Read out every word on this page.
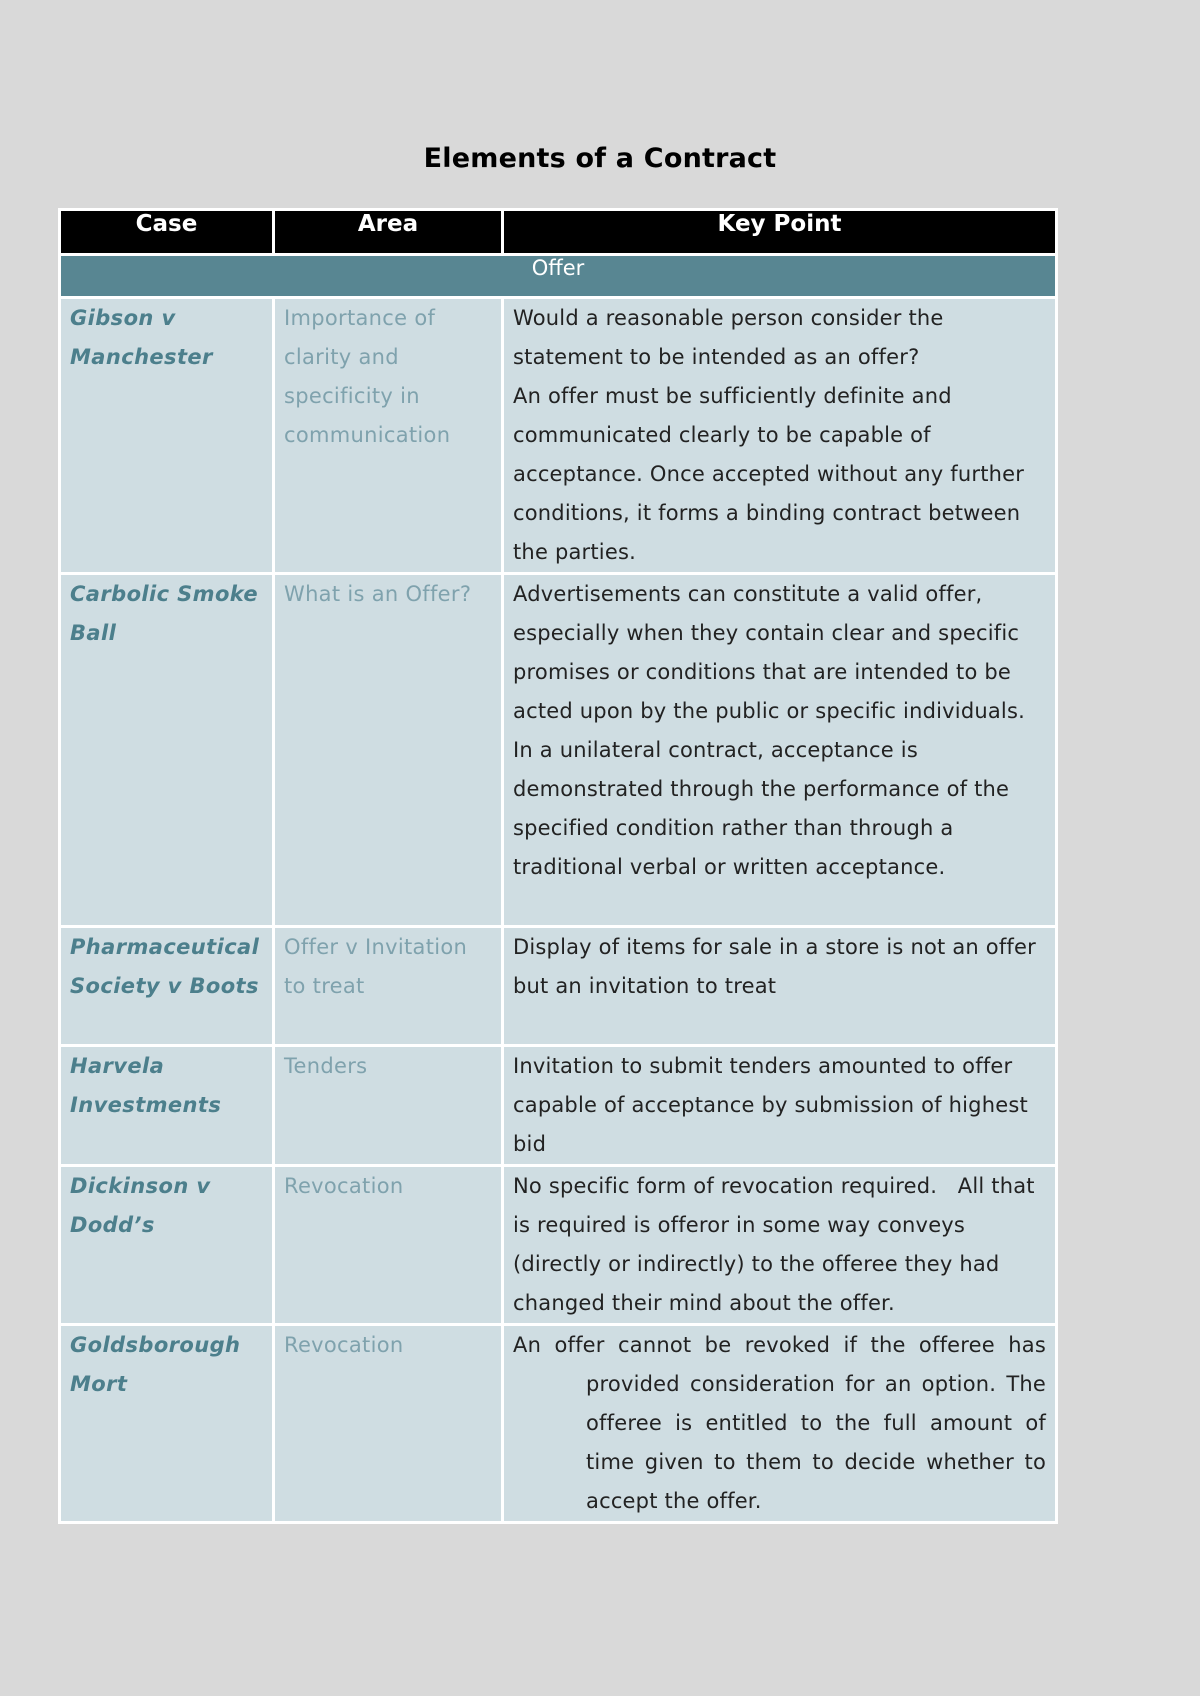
Elements of a Contract
Case	Area	Key Point
Offer		
Gibson v Manchester	Importance of clarity and specificity in communication	Would a reasonable person consider the statement to be intended as an offer?

An offer must be sufficiently definite and communicated clearly to be capable of acceptance. Once accepted without any further conditions, it forms a binding contract between the parties.

Carbolic Smoke Ball	What is an Offer?	Advertisements can constitute a valid offer, especially when they contain clear and specific promises or conditions that are intended to be acted upon by the public or specific individuals.

In a unilateral contract, acceptance is demonstrated through the performance of the specified condition rather than through a traditional verbal or written acceptance.

Pharmaceutical Society v Boots	Offer v Invitation to treat	Display of items for sale in a store is not an offer but an invitation to treat

Harvela Investments	Tenders	Invitation to submit tenders amounted to offer capable of acceptance by submission of highest bid

Dickinson v Dodd’s	Revocation	No specific form of revocation required.   All that is required is offeror in some way conveys (directly or indirectly) to the offeree they had changed their mind about the offer.

Goldsborough Mort	Revocation	An offer cannot be revoked if the offeree has provided consideration for an option. The offeree is entitled to the full amount of time given to them to decide whether to accept the offer.
